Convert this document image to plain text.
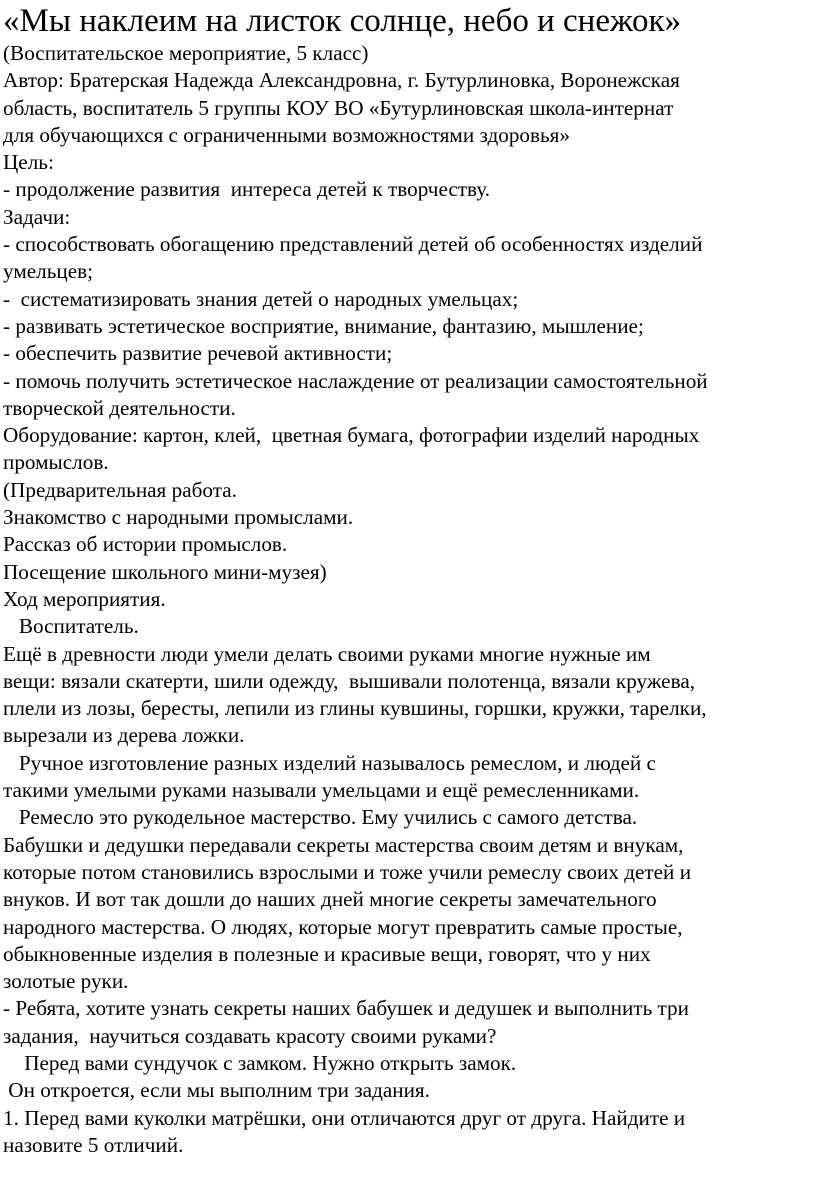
«Мы наклеим на листок солнце, небо и снежок»

(Воспитательское мероприятие, 5 класс)

Автор: Братерская Надежда Александровна, г. Бутурлиновка, Воронежская

область, воспитатель 5 группы КОУ ВО «Бутурлиновская школа-интернат

для обучающихся с ограниченными возможностями здоровья»

Цель:

- продолжение развития  интереса детей к творчеству.

Задачи:

- способствовать обогащению представлений детей об особенностях изделий

умельцев;

-  систематизировать знания детей о народных умельцах;

- развивать эстетическое восприятие, внимание, фантазию, мышление;

- обеспечить развитие речевой активности;

- помочь получить эстетическое наслаждение от реализации самостоятельной

творческой деятельности.

Оборудование: картон, клей,  цветная бумага, фотографии изделий народных

промыслов.

(Предварительная работа.

Знакомство с народными промыслами.

Рассказ об истории промыслов.

Посещение школьного мини-музея)

Ход мероприятия.

Воспитатель.

Ещё в древности люди умели делать своими руками многие нужные им

вещи: вязали скатерти, шили одежду,  вышивали полотенца, вязали кружева,

плели из лозы, бересты, лепили из глины кувшины, горшки, кружки, тарелки,

вырезали из дерева ложки.

Ручное изготовление разных изделий называлось ремеслом, и людей с

такими умелыми руками называли умельцами и ещё ремесленниками.

Ремесло это рукодельное мастерство. Ему учились с самого детства.

Бабушки и дедушки передавали секреты мастерства своим детям и внукам,

которые потом становились взрослыми и тоже учили ремеслу своих детей и

внуков. И вот так дошли до наших дней многие секреты замечательного

народного мастерства. О людях, которые могут превратить самые простые,

обыкновенные изделия в полезные и красивые вещи, говорят, что у них

золотые руки.

- Ребята, хотите узнать секреты наших бабушек и дедушек и выполнить три

задания,  научиться создавать красоту своими руками?

Перед вами сундучок с замком. Нужно открыть замок.

Он откроется, если мы выполним три задания.

1. Перед вами куколки матрёшки, они отличаются друг от друга. Найдите и

назовите 5 отличий.
